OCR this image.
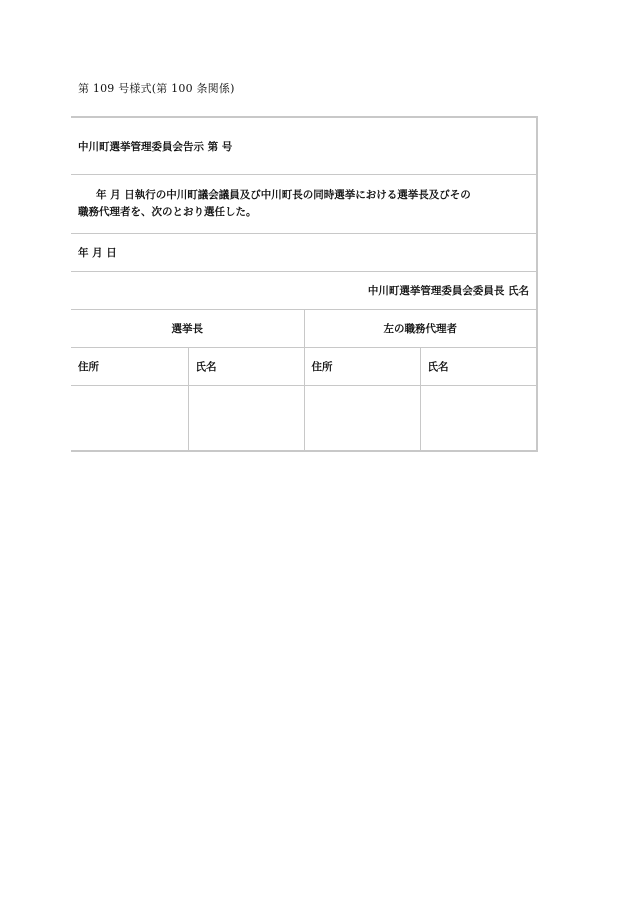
第 109 号様式(第 100 条関係)
中川町選挙管理委員会告示 第 号			

年 月 日執行の中川町議会議員及び中川町長の同時選挙における選挙長及びその
職務代理者を、次のとおり選任した。			

年 月 日			
中川町選挙管理委員会委員長 氏名			
選挙長		左の職務代理者	
住所	氏名	住所	氏名
